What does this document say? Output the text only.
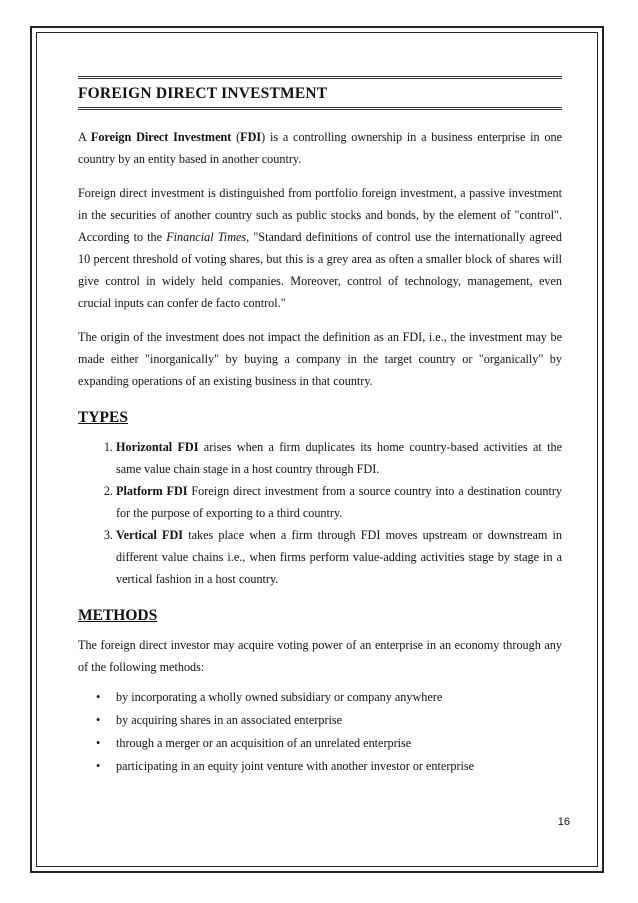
FOREIGN DIRECT INVESTMENT

A Foreign Direct Investment (FDI) is a controlling ownership in a business enterprise in one country by an entity based in another country.

Foreign direct investment is distinguished from portfolio foreign investment, a passive investment in the securities of another country such as public stocks and bonds, by the element of "control". According to the Financial Times, "Standard definitions of control use the internationally agreed 10 percent threshold of voting shares, but this is a grey area as often a smaller block of shares will give control in widely held companies. Moreover, control of technology, management, even crucial inputs can confer de facto control."

The origin of the investment does not impact the definition as an FDI, i.e., the investment may be made either "inorganically" by buying a company in the target country or "organically" by expanding operations of an existing business in that country.

TYPES
1. Horizontal FDI arises when a firm duplicates its home country-based activities at the same value chain stage in a host country through FDI.
2. Platform FDI Foreign direct investment from a source country into a destination country for the purpose of exporting to a third country.
3. Vertical FDI takes place when a firm through FDI moves upstream or downstream in different value chains i.e., when firms perform value-adding activities stage by stage in a vertical fashion in a host country.
METHODS

The foreign direct investor may acquire voting power of an enterprise in an economy through any of the following methods:

• by incorporating a wholly owned subsidiary or company anywhere
• by acquiring shares in an associated enterprise
• through a merger or an acquisition of an unrelated enterprise
• participating in an equity joint venture with another investor or enterprise
16
